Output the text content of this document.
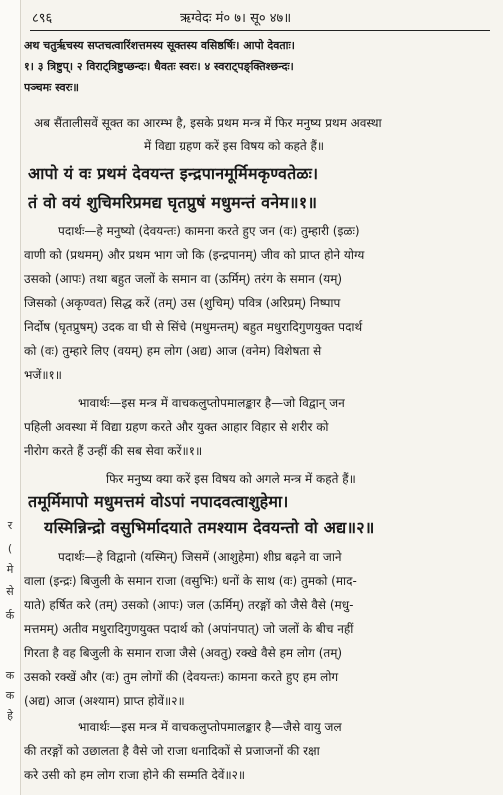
र
(
मे
से
र्क
क
क
हे
८९६	ऋग्वेदः मं० ७। सू० ४७॥
अथ चतुर्ऋचस्य सप्तचत्वारिंशत्तमस्य सूक्तस्य वसिष्ठर्षिः। आपो देवताः।
१। ३ त्रिष्टुप्। २ विराट्त्रिष्टुप्छन्दः। धैवतः स्वरः। ४ स्वराट्पङ्क्तिश्छन्दः।
पञ्चमः स्वरः॥
अब सैंतालीसवें सूक्त का आरम्भ है, इसके प्रथम मन्त्र में फिर मनुष्य प्रथम अवस्था
में विद्या ग्रहण करें इस विषय को कहते हैं॥
आपो यं वः प्रथमं देवयन्त इन्द्रपानमूर्मिमकृण्वतेळः।
तं वो वयं शुचिमरिप्रमद्य घृतप्रुषं मधुमन्तं वनेम॥१॥
पदार्थः—हे मनुष्यो (देवयन्तः) कामना करते हुए जन (वः) तुम्हारी (इळः)
वाणी को (प्रथमम्) और प्रथम भाग जो कि (इन्द्रपानम्) जीव को प्राप्त होने योग्य
उसको (आपः) तथा बहुत जलों के समान वा (ऊर्मिम्) तरंग के समान (यम्)
जिसको (अकृण्वत) सिद्ध करें (तम्) उस (शुचिम्) पवित्र (अरिप्रम्) निष्पाप
निर्दोष (घृतप्रुषम्) उदक वा घी से सिंचे (मधुमन्तम्) बहुत मधुरादिगुणयुक्त पदार्थ
को (वः) तुम्हारे लिए (वयम्) हम लोग (अद्य) आज (वनेम) विशेषता से
भजें॥१॥
भावार्थः—इस मन्त्र में वाचकलुप्तोपमालङ्कार है—जो विद्वान् जन
पहिली अवस्था में विद्या ग्रहण करते और युक्त आहार विहार से शरीर को
नीरोग करते हैं उन्हीं की सब सेवा करें॥१॥
फिर मनुष्य क्या करें इस विषय को अगले मन्त्र में कहते हैं॥
तमूर्मिमापो मधुमत्तमं वोऽपां नपादवत्वाशुहेमा।
यस्मिन्निन्द्रो वसुभिर्मादयाते तमश्याम देवयन्तो वो अद्य॥२॥
पदार्थः—हे विद्वानो (यस्मिन्) जिसमें (आशुहेमा) शीघ्र बढ़ने वा जाने
वाला (इन्द्रः) बिजुली के समान राजा (वसुभिः) धनों के साथ (वः) तुमको (माद-
याते) हर्षित करे (तम्) उसको (आपः) जल (ऊर्मिम्) तरङ्गों को जैसे वैसे (मधु-
मत्तमम्) अतीव मधुरादिगुणयुक्त पदार्थ को (अपांनपात्) जो जलों के बीच नहीं
गिरता है वह बिजुली के समान राजा जैसे (अवतु) रक्खे वैसे हम लोग (तम्)
उसको रक्खें और (वः) तुम लोगों की (देवयन्तः) कामना करते हुए हम लोग
(अद्य) आज (अश्याम) प्राप्त होवें॥२॥
भावार्थः—इस मन्त्र में वाचकलुप्तोपमालङ्कार है—जैसे वायु जल
की तरङ्गों को उछालता है वैसे जो राजा धनादिकों से प्रजाजनों की रक्षा
करे उसी को हम लोग राजा होने की सम्मति देवें॥२॥
